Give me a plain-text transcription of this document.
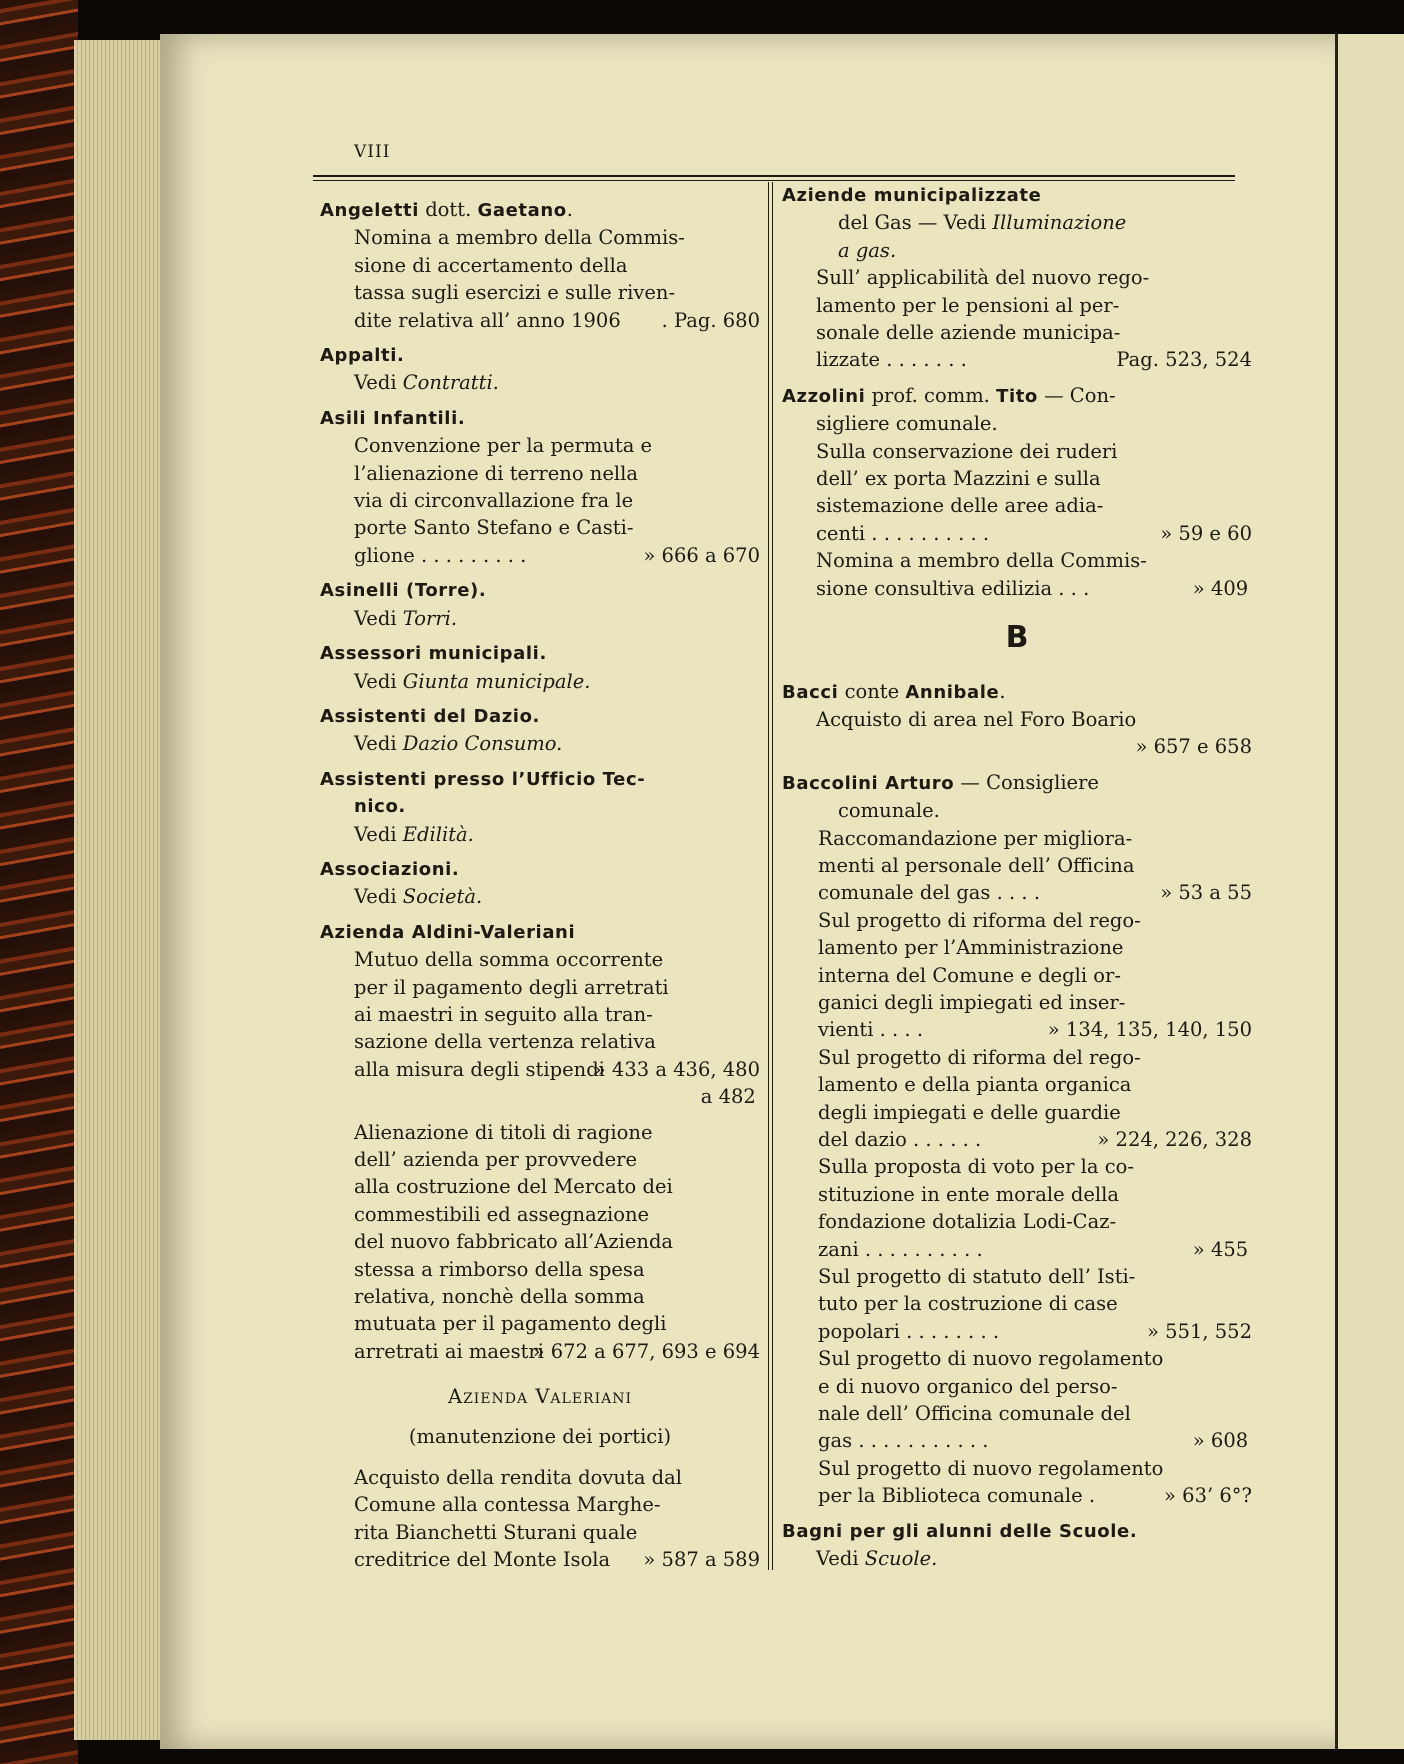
VIII
Angeletti dott. Gaetano.
Nomina a membro della Commis-
sione di accertamento della
tassa sugli esercizi e sulle riven-
dite relativa all’ anno 1906 . Pag. 680
Appalti.
Vedi Contratti.
Asili Infantili.
Convenzione per la permuta e
l’alienazione di terreno nella
via di circonvallazione fra le
porte Santo Stefano e Casti-
glione . . . . . . . . .	» 666 a 670
Asinelli (Torre).
Vedi Torri.
Assessori municipali.
Vedi Giunta municipale.
Assistenti del Dazio.
Vedi Dazio Consumo.
Assistenti presso l’Ufficio Tec-
nico.
Vedi Edilità.
Associazioni.
Vedi Società.
Azienda Aldini-Valeriani
Mutuo della somma occorrente
per il pagamento degli arretrati
ai maestri in seguito alla tran-
sazione della vertenza relativa
alla misura degli stipendi
» 433 a 436, 480
a 482
Alienazione di titoli di ragione
dell’ azienda per provvedere
alla costruzione del Mercato dei
commestibili ed assegnazione
del nuovo fabbricato all’Azienda
stessa a rimborso della spesa
relativa, nonchè della somma
mutuata per il pagamento degli
arretrati ai maestri
» 672 a 677, 693 e 694
Azienda Valeriani
(manutenzione dei portici)
Acquisto della rendita dovuta dal
Comune alla contessa Marghe-
rita Bianchetti Sturani quale
creditrice del Monte Isola » 587 a 589
Aziende municipalizzate
del Gas — Vedi Illuminazione
a gas.
Sull’ applicabilità del nuovo rego-
lamento per le pensioni al per-
sonale delle aziende municipa-
lizzate . . . . . . .	Pag. 523, 524
Azzolini prof. comm. Tito — Con-
sigliere comunale.
Sulla conservazione dei ruderi
dell’ ex porta Mazzini e sulla
sistemazione delle aree adia-
centi . . . . . . . . . .	» 59 e 60
Nomina a membro della Commis-
sione consultiva edilizia . . .	» 409
B
Bacci conte Annibale.
Acquisto di area nel Foro Boario
» 657 e 658
Baccolini Arturo — Consigliere
comunale.
Raccomandazione per migliora-
menti al personale dell’ Officina
comunale del gas . . . .	» 53 a 55
Sul progetto di riforma del rego-
lamento per l’Amministrazione
interna del Comune e degli or-
ganici degli impiegati ed inser-
vienti . . . .	» 134, 135, 140, 150
Sul progetto di riforma del rego-
lamento e della pianta organica
degli impiegati e delle guardie
del dazio . . . . . .	» 224, 226, 328
Sulla proposta di voto per la co-
stituzione in ente morale della
fondazione dotalizia Lodi-Caz-
zani . . . . . . . . . .	» 455
Sul progetto di statuto dell’ Isti-
tuto per la costruzione di case
popolari . . . . . . . .	» 551, 552
Sul progetto di nuovo regolamento
e di nuovo organico del perso-
nale dell’ Officina comunale del
gas . . . . . . . . . . .	» 608
Sul progetto di nuovo regolamento
per la Biblioteca comunale .	» 63’ 6°?
Bagni per gli alunni delle Scuole.
Vedi Scuole.
